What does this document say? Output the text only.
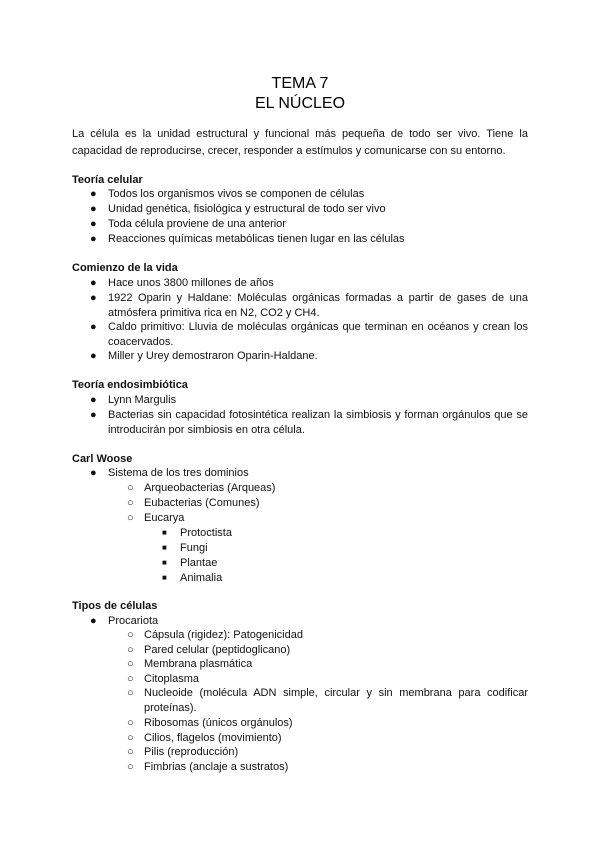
TEMA 7
EL NÚCLEO
La célula es la unidad estructural y funcional más pequeña de todo ser vivo. Tiene la capacidad de reproducirse, crecer, responder a estímulos y comunicarse con su entorno.
Teoría celular
● Todos los organismos vivos se componen de células
● Unidad genética, fisiológica y estructural de todo ser vivo
● Toda célula proviene de una anterior
● Reacciones químicas metabólicas tienen lugar en las células
Comienzo de la vida
● Hace unos 3800 millones de años
● 1922 Oparin y Haldane: Moléculas orgánicas formadas a partir de gases de una atmósfera primitiva rica en N2, CO2 y CH4.
● Caldo primitivo: Lluvia de moléculas orgánicas que terminan en océanos y crean los coacervados.
● Miller y Urey demostraron Oparin-Haldane.
Teoría endosimbiótica
● Lynn Margulis
● Bacterias sin capacidad fotosintética realizan la simbiosis y forman orgánulos que se introducirán por simbiosis en otra célula.
Carl Woose
● Sistema de los tres dominios
○ Arqueobacterias (Arqueas)
○ Eubacterias (Comunes)
○ Eucarya
■ Protoctista
■ Fungi
■ Plantae
■ Animalia
Tipos de células
● Procariota
○ Cápsula (rigidez): Patogenicidad
○ Pared celular (peptidoglicano)
○ Membrana plasmática
○ Citoplasma
○ Nucleoide (molécula ADN simple, circular y sin membrana para codificar proteínas).
○ Ribosomas (únicos orgánulos)
○ Cilios, flagelos (movimiento)
○ Pilis (reproducción)
○ Fimbrias (anclaje a sustratos)
